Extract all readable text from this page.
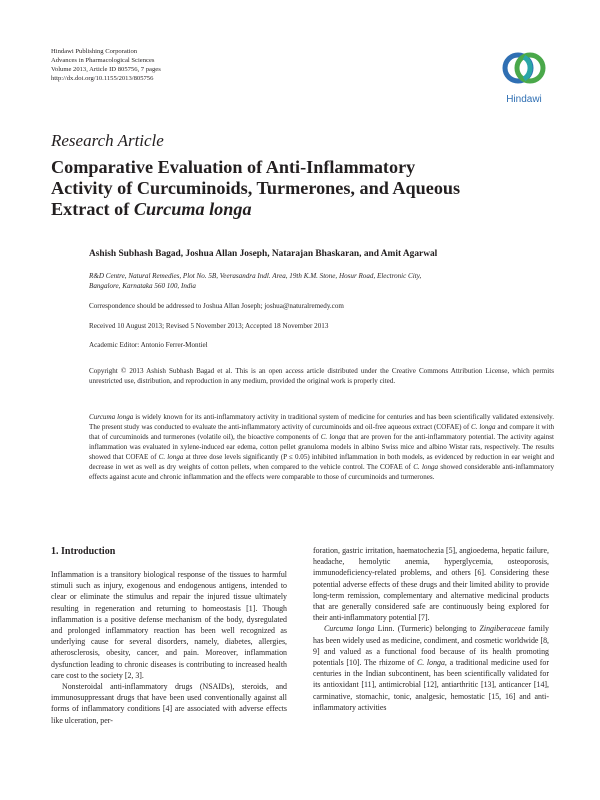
Hindawi Publishing Corporation
Advances in Pharmacological Sciences
Volume 2013, Article ID 805756, 7 pages
http://dx.doi.org/10.1155/2013/805756
Hindawi
Research Article
Comparative Evaluation of Anti-Inflammatory
Activity of Curcuminoids, Turmerones, and Aqueous
Extract of Curcuma longa
Ashish Subhash Bagad, Joshua Allan Joseph, Natarajan Bhaskaran, and Amit Agarwal
R&D Centre, Natural Remedies, Plot No. 5B, Veerasandra Indl. Area, 19th K.M. Stone, Hosur Road, Electronic City,
Bangalore, Karnataka 560 100, India
Correspondence should be addressed to Joshua Allan Joseph; joshua@naturalremedy.com
Received 10 August 2013; Revised 5 November 2013; Accepted 18 November 2013
Academic Editor: Antonio Ferrer-Montiel
Copyright © 2013 Ashish Subhash Bagad et al. This is an open access article distributed under the Creative Commons Attribution License, which permits unrestricted use, distribution, and reproduction in any medium, provided the original work is properly cited.

Curcuma longa is widely known for its anti-inflammatory activity in traditional system of medicine for centuries and has been scientifically validated extensively. The present study was conducted to evaluate the anti-inflammatory activity of curcuminoids and oil-free aqueous extract (COFAE) of C. longa and compare it with that of curcuminoids and turmerones (volatile oil), the bioactive components of C. longa that are proven for the anti-inflammatory potential. The activity against inflammation was evaluated in xylene-induced ear edema, cotton pellet granuloma models in albino Swiss mice and albino Wistar rats, respectively. The results showed that COFAE of C. longa at three dose levels significantly (P ≤ 0.05) inhibited inflammation in both models, as evidenced by reduction in ear weight and decrease in wet as well as dry weights of cotton pellets, when compared to the vehicle control. The COFAE of C. longa showed considerable anti-inflammatory effects against acute and chronic inflammation and the effects were comparable to those of curcuminoids and turmerones.

1. Introduction

Inflammation is a transitory biological response of the tissues to harmful stimuli such as injury, exogenous and endogenous antigens, intended to clear or eliminate the stimulus and repair the injured tissue ultimately resulting in regeneration and returning to homeostasis [1]. Though inflammation is a positive defense mechanism of the body, dysregulated and prolonged inflammatory reaction has been well recognized as underlying cause for several disorders, namely, diabetes, allergies, atherosclerosis, obesity, cancer, and pain. Moreover, inflammation dysfunction leading to chronic diseases is contributing to increased health care cost to the society [2, 3].

Nonsteroidal anti-inflammatory drugs (NSAIDs), steroids, and immunosuppressant drugs that have been used conventionally against all forms of inflammatory conditions [4] are associated with adverse effects like ulceration, per-

foration, gastric irritation, haematochezia [5], angioedema, hepatic failure, headache, hemolytic anemia, hyperglycemia, osteoporosis, immunodeficiency-related problems, and others [6]. Considering these potential adverse effects of these drugs and their limited ability to provide long-term remission, complementary and alternative medicinal products that are generally considered safe are continuously being explored for their anti-inflammatory potential [7].

Curcuma longa Linn. (Turmeric) belonging to Zingiberaceae family has been widely used as medicine, condiment, and cosmetic worldwide [8, 9] and valued as a functional food because of its health promoting potentials [10]. The rhizome of C. longa, a traditional medicine used for centuries in the Indian subcontinent, has been scientifically validated for its antioxidant [11], antimicrobial [12], antiarthritic [13], anticancer [14], carminative, stomachic, tonic, analgesic, hemostatic [15, 16] and anti-inflammatory activities
